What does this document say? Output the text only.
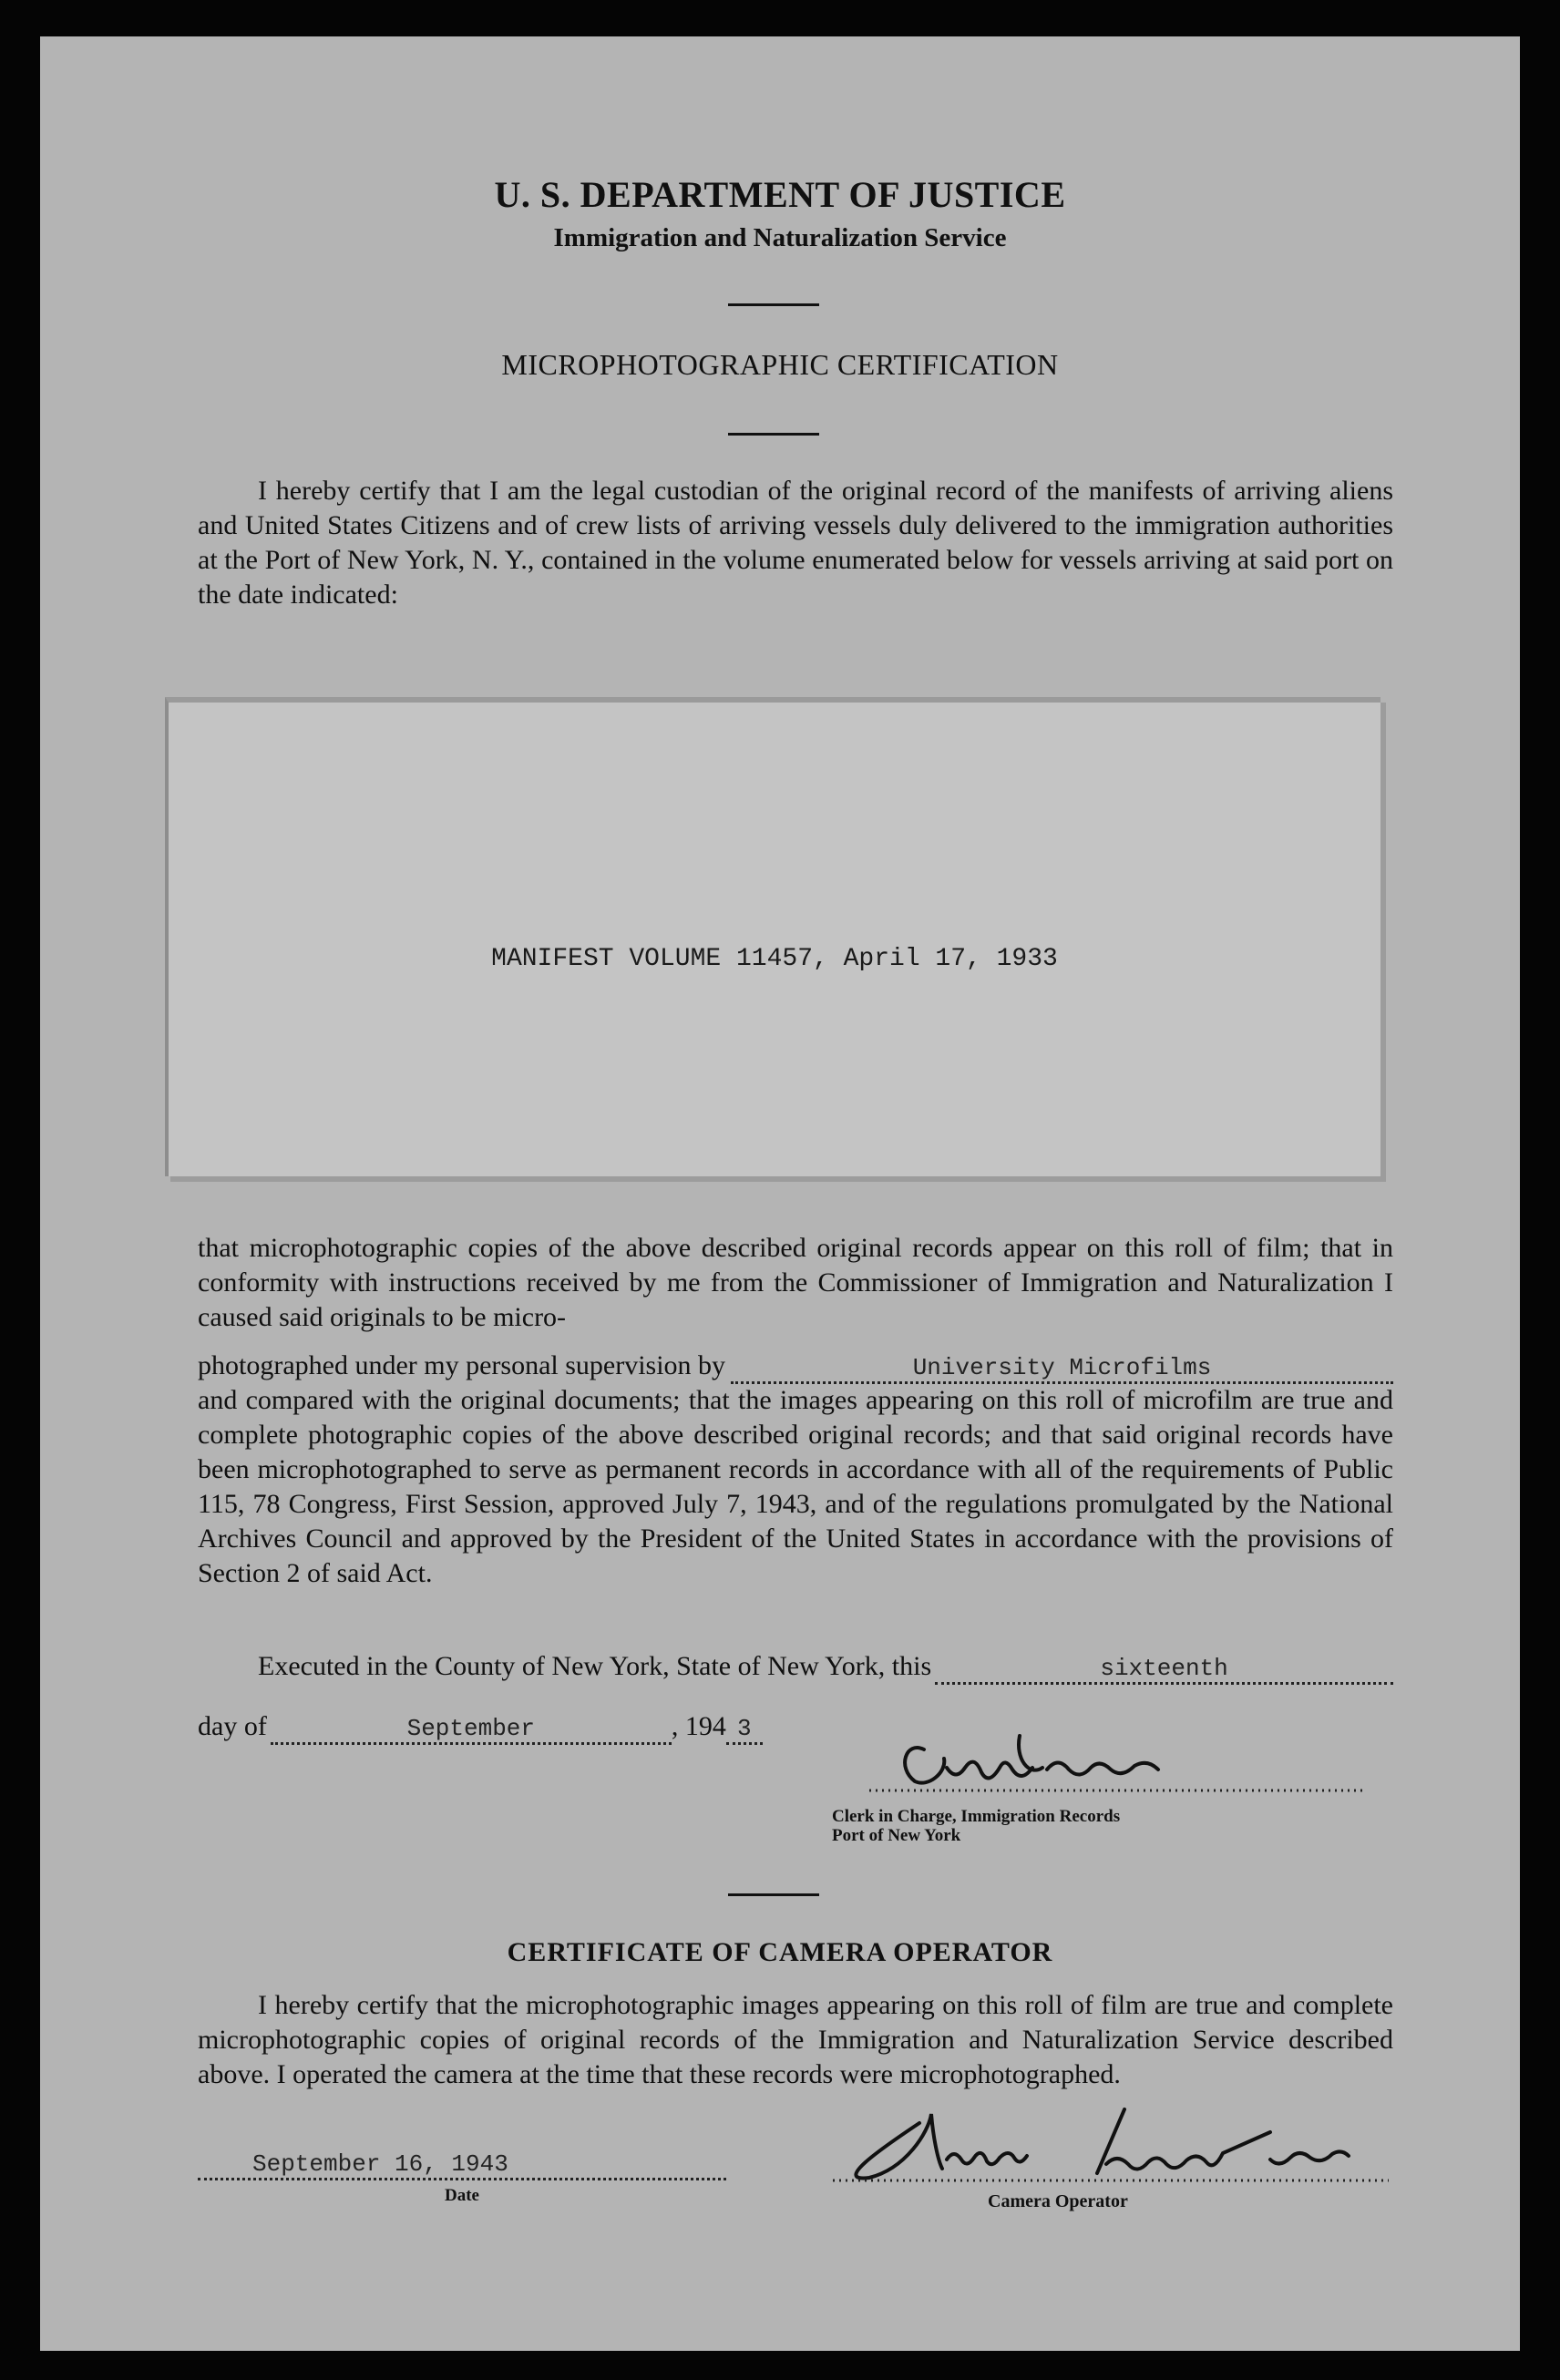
U. S. DEPARTMENT OF JUSTICE
Immigration and Naturalization Service
MICROPHOTOGRAPHIC CERTIFICATION
I hereby certify that I am the legal custodian of the original record of the manifests of arriving aliens and United States Citizens and of crew lists of arriving vessels duly delivered to the immigration authorities at the Port of New York, N. Y., contained in the volume enumerated below for vessels arriving at said port on the date indicated:
MANIFEST VOLUME 11457, April 17, 1933
that microphotographic copies of the above described original records appear on this roll of film; that in conformity with instructions received by me from the Commissioner of Immigration and Naturalization I caused said originals to be micro-
photographed under my personal supervision by	University Microfilms
and compared with the original documents; that the images appearing on this roll of microfilm are true and complete photographic copies of the above described original records; and that said original records have been microphotographed to serve as permanent records in accordance with all of the requirements of Public 115, 78 Congress, First Session, approved July 7, 1943, and of the regulations promulgated by the National Archives Council and approved by the President of the United States in accordance with the provisions of Section 2 of said Act.
Executed in the County of New York, State of New York, this	sixteenth
day of	September	, 194 3
Clerk in Charge, Immigration Records
Port of New York
CERTIFICATE OF CAMERA OPERATOR
I hereby certify that the microphotographic images appearing on this roll of film are true and complete microphotographic copies of original records of the Immigration and Naturalization Service described above. I operated the camera at the time that these records were microphotographed.
September 16, 1943
Date	Camera Operator
